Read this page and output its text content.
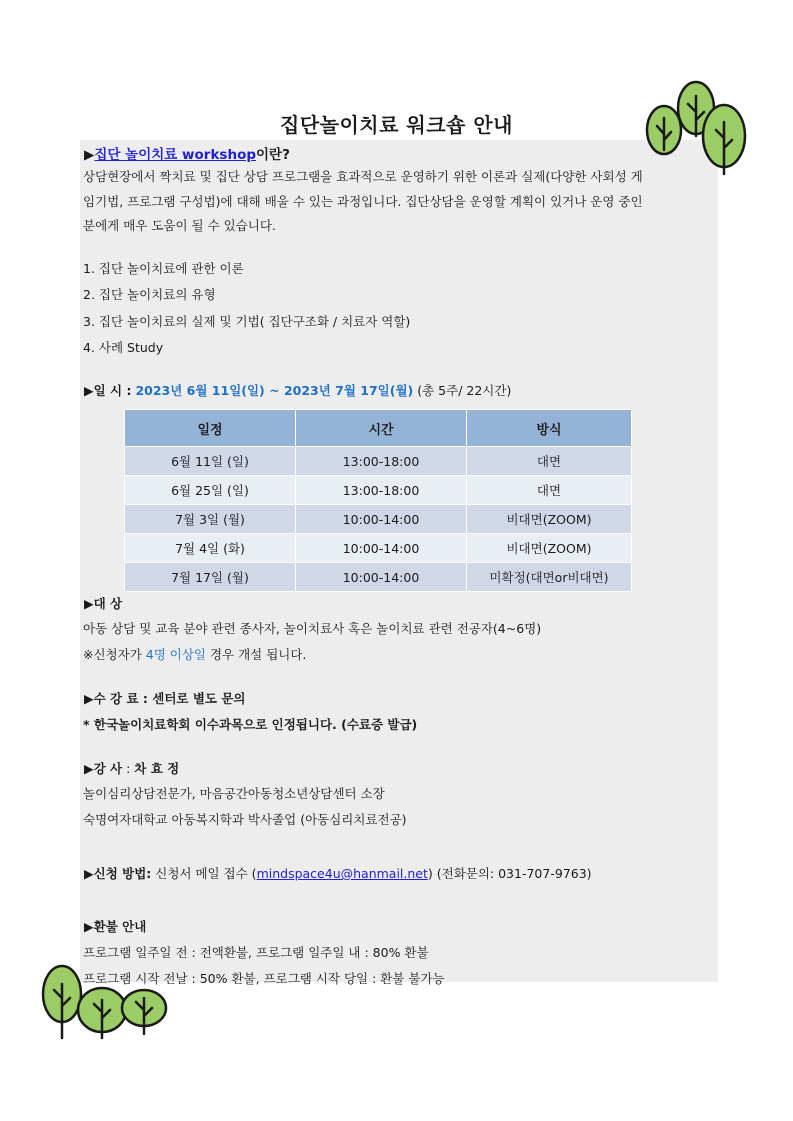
집단놀이치료 워크숍 안내
▶집단 놀이치료 workshop이란?
상담현장에서 짝치료 및 집단 상담 프로그램을 효과적으로 운영하기 위한 이론과 실제(다양한 사회성 게
임기법, 프로그램 구성법)에 대해 배울 수 있는 과정입니다. 집단상담을 운영할 계획이 있거나 운영 중인
분에게 매우 도움이 될 수 있습니다.
1. 집단 놀이치료에 관한 이론
2. 집단 놀이치료의 유형
3. 집단 놀이치료의 실제 및 기법( 집단구조화 / 치료자 역할)
4. 사례 Study
▶일 시 : 2023년 6월 11일(일) ~ 2023년 7월 17일(월) (총 5주/ 22시간)
일정	시간	방식
6월 11일 (일)	13:00-18:00	대면
6월 25일 (일)	13:00-18:00	대면
7월 3일 (월)	10:00-14:00	비대면(ZOOM)
7월 4일 (화)	10:00-14:00	비대면(ZOOM)
7월 17일 (월)	10:00-14:00	미확정(대면or비대면)
▶대 상
아동 상담 및 교육 분야 관련 종사자, 놀이치료사 혹은 놀이치료 관련 전공자(4~6명)
※신청자가 4명 이상일 경우 개설 됩니다.
▶수 강 료 : 센터로 별도 문의
* 한국놀이치료학회 이수과목으로 인정됩니다. (수료증 발급)
▶강 사 : 차 효 정
놀이심리상담전문가, 마음공간아동청소년상담센터 소장
숙명여자대학교 아동복지학과 박사졸업 (아동심리치료전공)
▶신청 방법: 신청서 메일 접수 (mindspace4u@hanmail.net) (전화문의: 031-707-9763)
▶환불 안내
프로그램 일주일 전 : 전액환불, 프로그램 일주일 내 : 80% 환불
프로그램 시작 전날 : 50% 환불, 프로그램 시작 당일 : 환불 불가능
